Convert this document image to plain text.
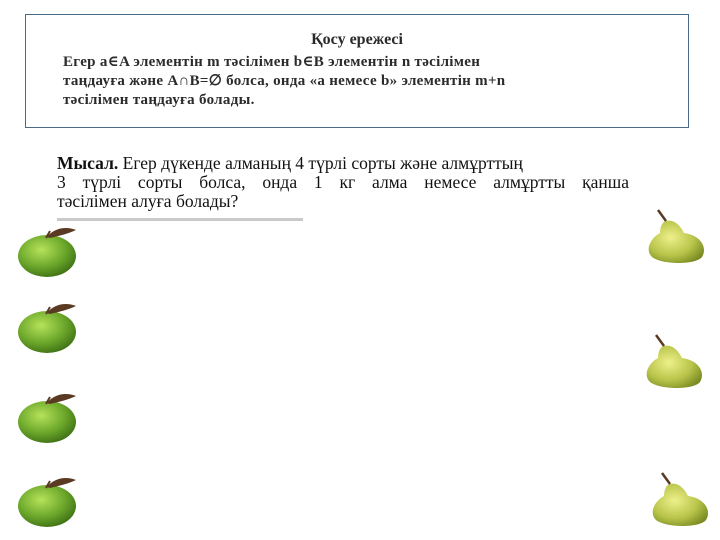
Қосу ережесі
Егер a∈A элементін m тәсілімен b∈B элементін n тәсілімен
таңдауға және A∩B=∅ болса, онда «a немесе b» элементін m+n
тәсілімен таңдауға болады.
Мысал. Егер дүкенде алманың 4 түрлі сорты және алмұрттың
3 түрлі сорты болса, онда 1 кг алма немесе алмұртты қанша
тәсілімен алуға болады?
